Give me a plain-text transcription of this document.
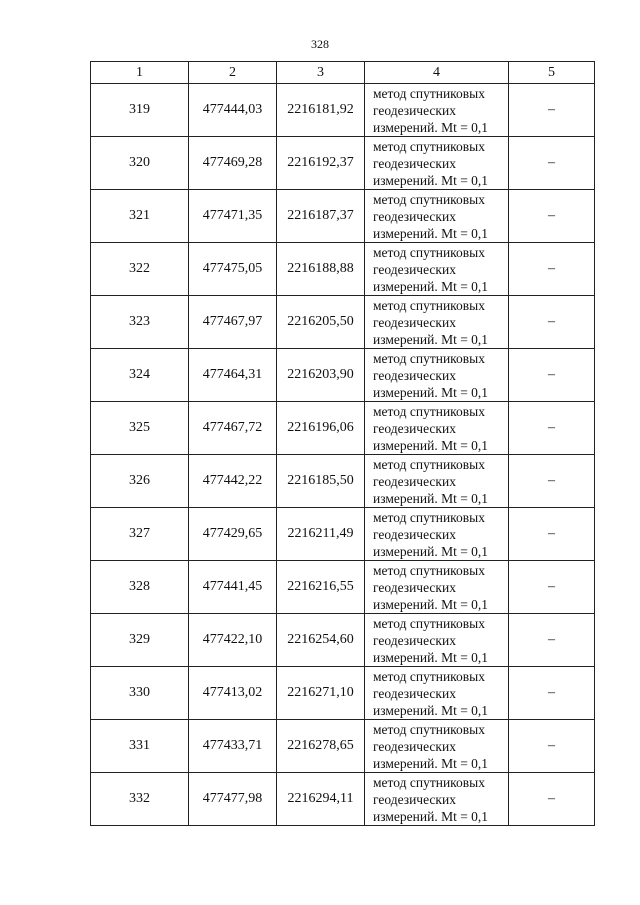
328
1	2	3	4	5
319	477444,03	2216181,92	метод спутниковых
геодезических
измерений. Mt = 0,1	–
320	477469,28	2216192,37	метод спутниковых
геодезических
измерений. Mt = 0,1	–
321	477471,35	2216187,37	метод спутниковых
геодезических
измерений. Mt = 0,1	–
322	477475,05	2216188,88	метод спутниковых
геодезических
измерений. Mt = 0,1	–
323	477467,97	2216205,50	метод спутниковых
геодезических
измерений. Mt = 0,1	–
324	477464,31	2216203,90	метод спутниковых
геодезических
измерений. Mt = 0,1	–
325	477467,72	2216196,06	метод спутниковых
геодезических
измерений. Mt = 0,1	–
326	477442,22	2216185,50	метод спутниковых
геодезических
измерений. Mt = 0,1	–
327	477429,65	2216211,49	метод спутниковых
геодезических
измерений. Mt = 0,1	–
328	477441,45	2216216,55	метод спутниковых
геодезических
измерений. Mt = 0,1	–
329	477422,10	2216254,60	метод спутниковых
геодезических
измерений. Mt = 0,1	–
330	477413,02	2216271,10	метод спутниковых
геодезических
измерений. Mt = 0,1	–
331	477433,71	2216278,65	метод спутниковых
геодезических
измерений. Mt = 0,1	–
332	477477,98	2216294,11	метод спутниковых
геодезических
измерений. Mt = 0,1	–
